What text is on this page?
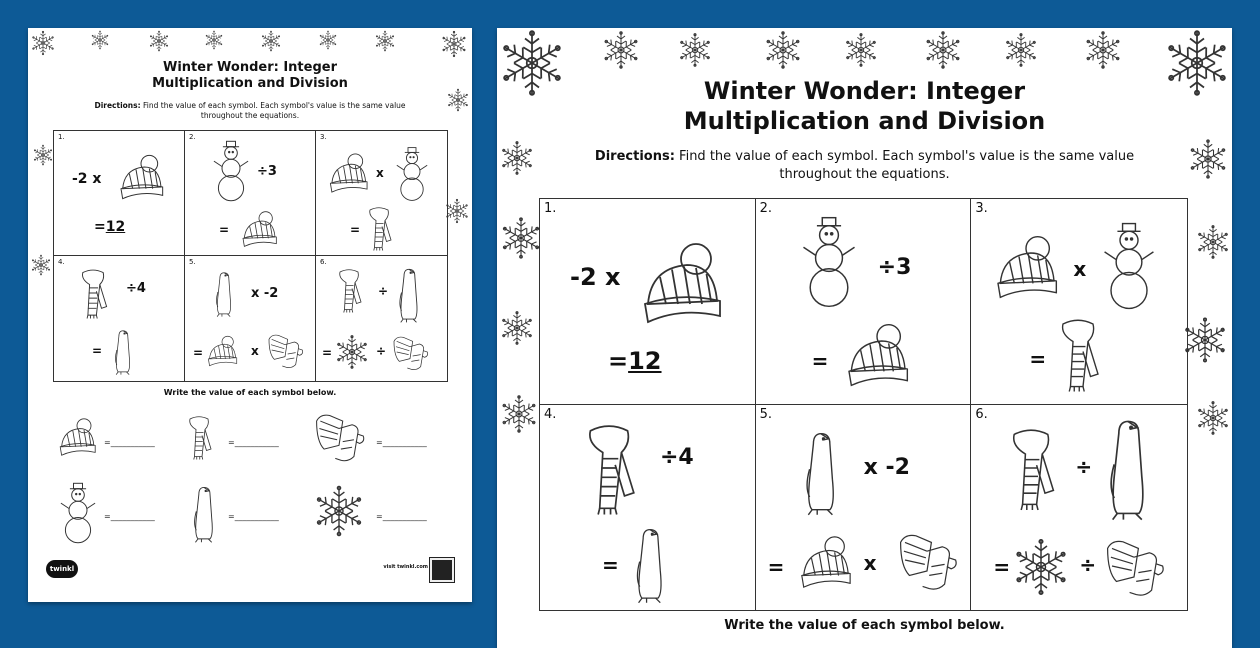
Winter Wonder: Integer
Multiplication and Division
Directions: Find the value of each symbol. Each symbol's value is the same value
throughout the equations.
1.
-2 x
=12
2.
÷3
=
3.
x
=
4.
÷4
=
5.
x -2
=	x
6.
÷
=	÷
Write the value of each symbol below.
=___________	=___________	=___________
=___________	=___________	=___________
twinkl	visit twinkl.com
Winter Wonder: Integer
Multiplication and Division
Directions: Find the value of each symbol. Each symbol's value is the same value
throughout the equations.
1.
-2 x
=12
2.
÷3
=
3.
x
=
4.
÷4
=
5.
x -2
=	x
6.
÷
=	÷
Write the value of each symbol below.
